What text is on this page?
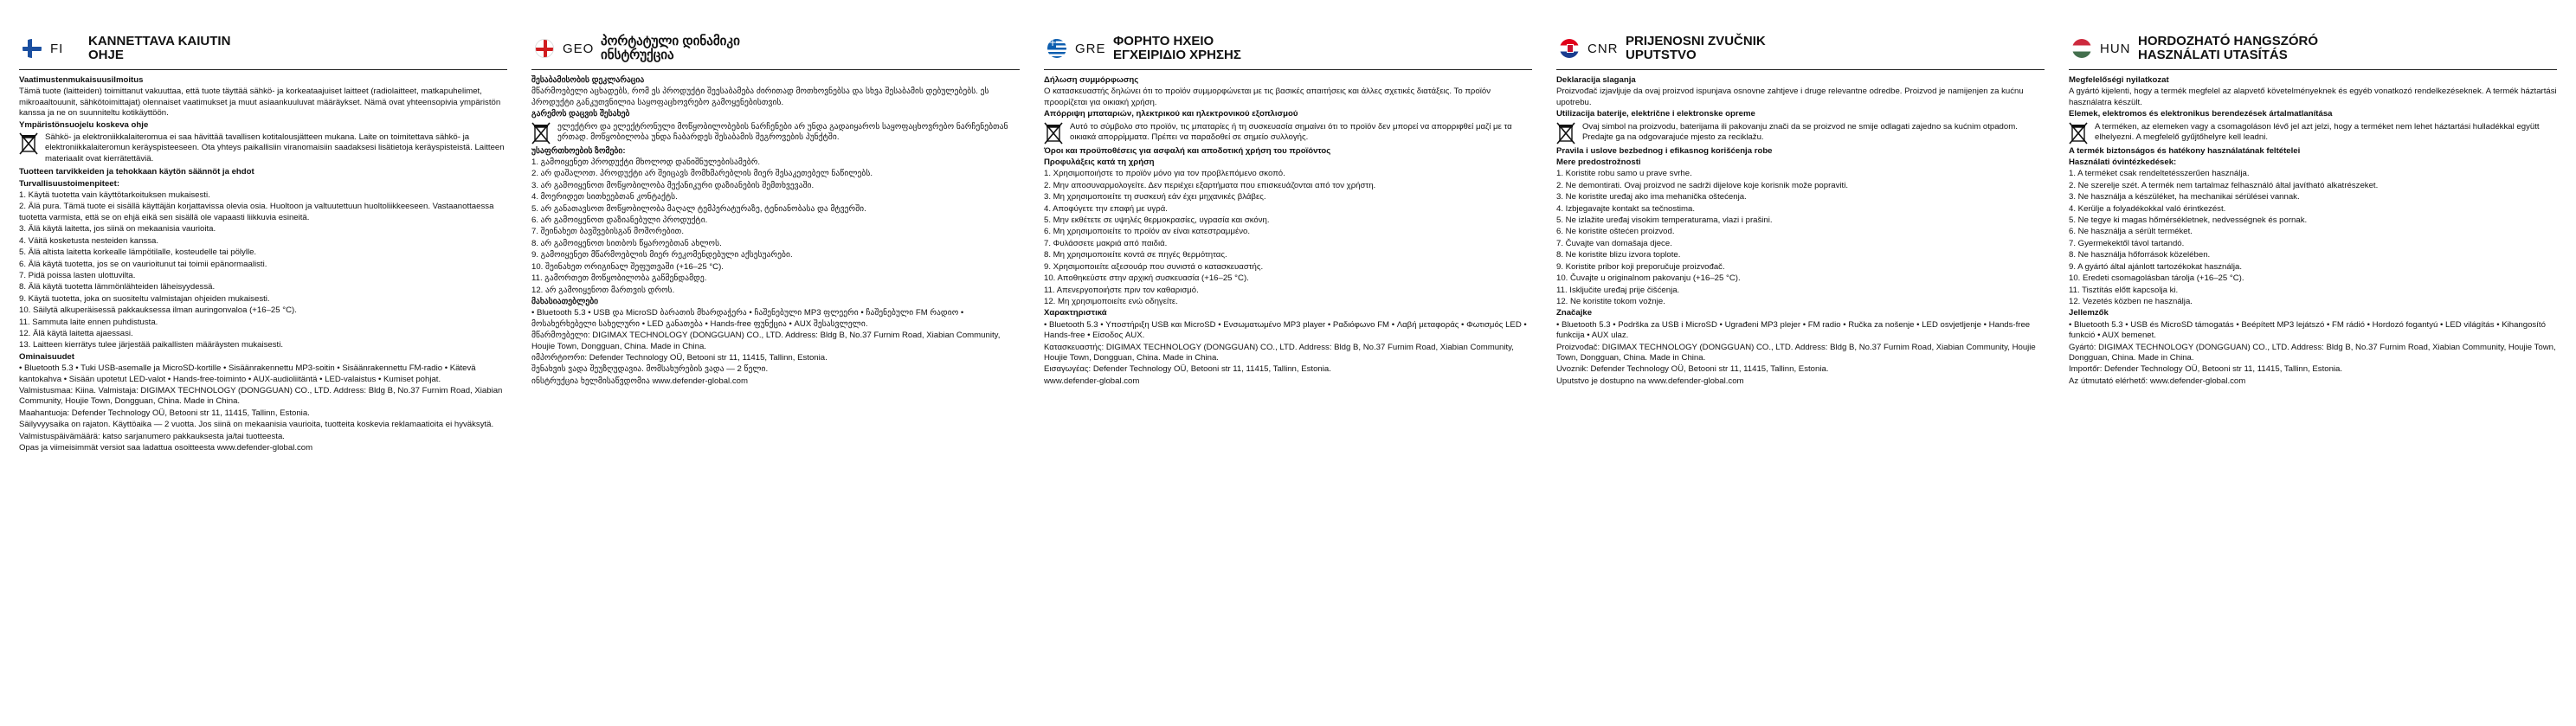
FI
KANNETTAVA KAIUTIN
OHJE

Vaatimustenmukaisuusilmoitus

Tämä tuote (laitteiden) toimittanut vakuuttaa, että tuote täyttää sähkö- ja korkeataajuiset laitteet (radiolaitteet, matkapuhelimet, mikroaaltouunit, sähkötoimittajat) olennaiset vaatimukset ja muut asiaankuuluvat määräykset. Nämä ovat yhteensopivia ympäristön kanssa ja ne on suunniteltu kotikäyttöön.

Ympäristönsuojelu koskeva ohje

Sähkö- ja elektroniikkalaiteromua ei saa hävittää tavallisen kotitalousjätteen mukana. Laite on toimitettava sähkö- ja elektroniikkalaiteromun keräyspisteeseen. Ota yhteys paikallisiin viranomaisiin saadaksesi lisätietoja keräyspisteistä. Laitteen materiaalit ovat kierrätettäviä.

Tuotteen tarvikkeiden ja tehokkaan käytön säännöt ja ehdot

Turvallisuustoimenpiteet:

1. Käytä tuotetta vain käyttötarkoituksen mukaisesti.

2. Älä pura. Tämä tuote ei sisällä käyttäjän korjattavissa olevia osia. Huoltoon ja valtuutettuun huoltoliikkeeseen. Vastaanottaessa tuotetta varmista, että se on ehjä eikä sen sisällä ole vapaasti liikkuvia esineitä.

3. Älä käytä laitetta, jos siinä on mekaanisia vaurioita.

4. Väitä kosketusta nesteiden kanssa.

5. Älä altista laitetta korkealle lämpötilalle, kosteudelle tai pölylle.

6. Älä käytä tuotetta, jos se on vaurioitunut tai toimii epänormaalisti.

7. Pidä poissa lasten ulottuvilta.

8. Älä käytä tuotetta lämmönlähteiden läheisyydessä.

9. Käytä tuotetta, joka on suositeltu valmistajan ohjeiden mukaisesti.

10. Säilytä alkuperäisessä pakkauksessa ilman auringonvaloa (+16–25 °C).

11. Sammuta laite ennen puhdistusta.

12. Älä käytä laitetta ajaessasi.

13. Laitteen kierrätys tulee järjestää paikallisten määräysten mukaisesti.

Ominaisuudet

• Bluetooth 5.3 • Tuki USB-asemalle ja MicroSD-kortille • Sisäänrakennettu MP3-soitin • Sisäänrakennettu FM-radio • Kätevä kantokahva • Sisään upotetut LED-valot • Hands-free-toiminto • AUX-audioliitäntä • LED-valaistus • Kumiset pohjat.

Valmistusmaa: Kiina. Valmistaja: DIGIMAX TECHNOLOGY (DONGGUAN) CO., LTD. Address: Bldg B, No.37 Furnim Road, Xiabian Community, Houjie Town, Dongguan, China. Made in China.

Maahantuoja: Defender Technology OÜ, Betooni str 11, 11415, Tallinn, Estonia.

Säilyvyysaika on rajaton. Käyttöaika — 2 vuotta. Jos siinä on mekaanisia vaurioita, tuotteita koskevia reklamaatioita ei hyväksytä.

Valmistuspäivämäärä: katso sarjanumero pakkauksesta ja/tai tuotteesta.

Opas ja viimeisimmät versiot saa ladattua osoitteesta www.defender-global.com

GEO
პორტატული დინამიკი
ინსტრუქცია

შესაბამისობის დეკლარაცია

მწარმოებელი აცხადებს, რომ ეს პროდუქტი შეესაბამება ძირითად მოთხოვნებსა და სხვა შესაბამის დებულებებს. ეს პროდუქტი განკუთვნილია საყოფაცხოვრებო გამოყენებისთვის.

გარემოს დაცვის შესახებ

ელექტრო და ელექტრონული მოწყობილობების ნარჩენები არ უნდა გადაიყაროს საყოფაცხოვრებო ნარჩენებთან ერთად. მოწყობილობა უნდა ჩაბარდეს შესაბამის შეგროვების პუნქტში.

უსაფრთხოების ზომები:

1. გამოიყენეთ პროდუქტი მხოლოდ დანიშნულებისამებრ.

2. არ დაშალოთ. პროდუქტი არ შეიცავს მომხმარებლის მიერ შესაკეთებელ ნაწილებს.

3. არ გამოიყენოთ მოწყობილობა მექანიკური დაზიანების შემთხვევაში.

4. მოერიდეთ სითხეებთან კონტაქტს.

5. არ განათავსოთ მოწყობილობა მაღალ ტემპერატურაზე, ტენიანობასა და მტვერში.

6. არ გამოიყენოთ დაზიანებული პროდუქტი.

7. შეინახეთ ბავშვებისგან მოშორებით.

8. არ გამოიყენოთ სითბოს წყაროებთან ახლოს.

9. გამოიყენეთ მწარმოებლის მიერ რეკომენდებული აქსესუარები.

10. შეინახეთ ორიგინალ შეფუთვაში (+16–25 °C).

11. გამორთეთ მოწყობილობა გაწმენდამდე.

12. არ გამოიყენოთ მართვის დროს.

მახასიათებლები

• Bluetooth 5.3 • USB და MicroSD ბარათის მხარდაჭერა • ჩაშენებული MP3 ფლეერი • ჩაშენებული FM რადიო • მოსახერხებელი სახელური • LED განათება • Hands-free ფუნქცია • AUX შესასვლელი.

მწარმოებელი: DIGIMAX TECHNOLOGY (DONGGUAN) CO., LTD. Address: Bldg B, No.37 Furnim Road, Xiabian Community, Houjie Town, Dongguan, China. Made in China.

იმპორტიორი: Defender Technology OÜ, Betooni str 11, 11415, Tallinn, Estonia.

შენახვის ვადა შეუზღუდავია. მომსახურების ვადა — 2 წელი.

ინსტრუქცია ხელმისაწვდომია www.defender-global.com

+
GRE
ΦΟΡΗΤΟ ΗΧΕΙΟ
ΕΓΧΕΙΡΙΔΙΟ ΧΡΗΣΗΣ

Δήλωση συμμόρφωσης

Ο κατασκευαστής δηλώνει ότι το προϊόν συμμορφώνεται με τις βασικές απαιτήσεις και άλλες σχετικές διατάξεις. Το προϊόν προορίζεται για οικιακή χρήση.

Απόρριψη μπαταριών, ηλεκτρικού και ηλεκτρονικού εξοπλισμού

Αυτό το σύμβολο στο προϊόν, τις μπαταρίες ή τη συσκευασία σημαίνει ότι το προϊόν δεν μπορεί να απορριφθεί μαζί με τα οικιακά απορρίμματα. Πρέπει να παραδοθεί σε σημείο συλλογής.

Όροι και προϋποθέσεις για ασφαλή και αποδοτική χρήση του προϊόντος

Προφυλάξεις κατά τη χρήση

1. Χρησιμοποιήστε το προϊόν μόνο για τον προβλεπόμενο σκοπό.

2. Μην αποσυναρμολογείτε. Δεν περιέχει εξαρτήματα που επισκευάζονται από τον χρήστη.

3. Μη χρησιμοποιείτε τη συσκευή εάν έχει μηχανικές βλάβες.

4. Αποφύγετε την επαφή με υγρά.

5. Μην εκθέτετε σε υψηλές θερμοκρασίες, υγρασία και σκόνη.

6. Μη χρησιμοποιείτε το προϊόν αν είναι κατεστραμμένο.

7. Φυλάσσετε μακριά από παιδιά.

8. Μη χρησιμοποιείτε κοντά σε πηγές θερμότητας.

9. Χρησιμοποιείτε αξεσουάρ που συνιστά ο κατασκευαστής.

10. Αποθηκεύστε στην αρχική συσκευασία (+16–25 °C).

11. Απενεργοποιήστε πριν τον καθαρισμό.

12. Μη χρησιμοποιείτε ενώ οδηγείτε.

Χαρακτηριστικά

• Bluetooth 5.3 • Υποστήριξη USB και MicroSD • Ενσωματωμένο MP3 player • Ραδιόφωνο FM • Λαβή μεταφοράς • Φωτισμός LED • Hands-free • Είσοδος AUX.

Κατασκευαστής: DIGIMAX TECHNOLOGY (DONGGUAN) CO., LTD. Address: Bldg B, No.37 Furnim Road, Xiabian Community, Houjie Town, Dongguan, China. Made in China.

Εισαγωγέας: Defender Technology OÜ, Betooni str 11, 11415, Tallinn, Estonia.

www.defender-global.com

CNR
PRIJENOSNI ZVUČNIK
UPUTSTVO

Deklaracija slaganja

Proizvođač izjavljuje da ovaj proizvod ispunjava osnovne zahtjeve i druge relevantne odredbe. Proizvod je namijenjen za kućnu upotrebu.

Utilizacija baterije, električne i elektronske opreme

Ovaj simbol na proizvodu, baterijama ili pakovanju znači da se proizvod ne smije odlagati zajedno sa kućnim otpadom. Predajte ga na odgovarajuće mjesto za reciklažu.

Pravila i uslove bezbednog i efikasnog korišćenja robe

Mere predostrožnosti

1. Koristite robu samo u prave svrhe.

2. Ne demontirati. Ovaj proizvod ne sadrži dijelove koje korisnik može popraviti.

3. Ne koristite uređaj ako ima mehanička oštećenja.

4. Izbjegavajte kontakt sa tečnostima.

5. Ne izlažite uređaj visokim temperaturama, vlazi i prašini.

6. Ne koristite oštećen proizvod.

7. Čuvajte van domašaja djece.

8. Ne koristite blizu izvora toplote.

9. Koristite pribor koji preporučuje proizvođač.

10. Čuvajte u originalnom pakovanju (+16–25 °C).

11. Isključite uređaj prije čišćenja.

12. Ne koristite tokom vožnje.

Značajke

• Bluetooth 5.3 • Podrška za USB i MicroSD • Ugrađeni MP3 plejer • FM radio • Ručka za nošenje • LED osvjetljenje • Hands-free funkcija • AUX ulaz.

Proizvođač: DIGIMAX TECHNOLOGY (DONGGUAN) CO., LTD. Address: Bldg B, No.37 Furnim Road, Xiabian Community, Houjie Town, Dongguan, China. Made in China.

Uvoznik: Defender Technology OÜ, Betooni str 11, 11415, Tallinn, Estonia.

Uputstvo je dostupno na www.defender-global.com

HUN
HORDOZHATÓ HANGSZÓRÓ
HASZNÁLATI UTASÍTÁS

Megfelelőségi nyilatkozat

A gyártó kijelenti, hogy a termék megfelel az alapvető követelményeknek és egyéb vonatkozó rendelkezéseknek. A termék háztartási használatra készült.

Elemek, elektromos és elektronikus berendezések ártalmatlanítása

A terméken, az elemeken vagy a csomagoláson lévő jel azt jelzi, hogy a terméket nem lehet háztartási hulladékkal együtt elhelyezni. A megfelelő gyűjtőhelyre kell leadni.

A termék biztonságos és hatékony használatának feltételei

Használati óvintézkedések:

1. A terméket csak rendeltetésszerűen használja.

2. Ne szerelje szét. A termék nem tartalmaz felhasználó által javítható alkatrészeket.

3. Ne használja a készüléket, ha mechanikai sérülései vannak.

4. Kerülje a folyadékokkal való érintkezést.

5. Ne tegye ki magas hőmérsékletnek, nedvességnek és pornak.

6. Ne használja a sérült terméket.

7. Gyermekektől távol tartandó.

8. Ne használja hőforrások közelében.

9. A gyártó által ajánlott tartozékokat használja.

10. Eredeti csomagolásban tárolja (+16–25 °C).

11. Tisztítás előtt kapcsolja ki.

12. Vezetés közben ne használja.

Jellemzők

• Bluetooth 5.3 • USB és MicroSD támogatás • Beépített MP3 lejátszó • FM rádió • Hordozó fogantyú • LED világítás • Kihangosító funkció • AUX bemenet.

Gyártó: DIGIMAX TECHNOLOGY (DONGGUAN) CO., LTD. Address: Bldg B, No.37 Furnim Road, Xiabian Community, Houjie Town, Dongguan, China. Made in China.

Importőr: Defender Technology OÜ, Betooni str 11, 11415, Tallinn, Estonia.

Az útmutató elérhető: www.defender-global.com
